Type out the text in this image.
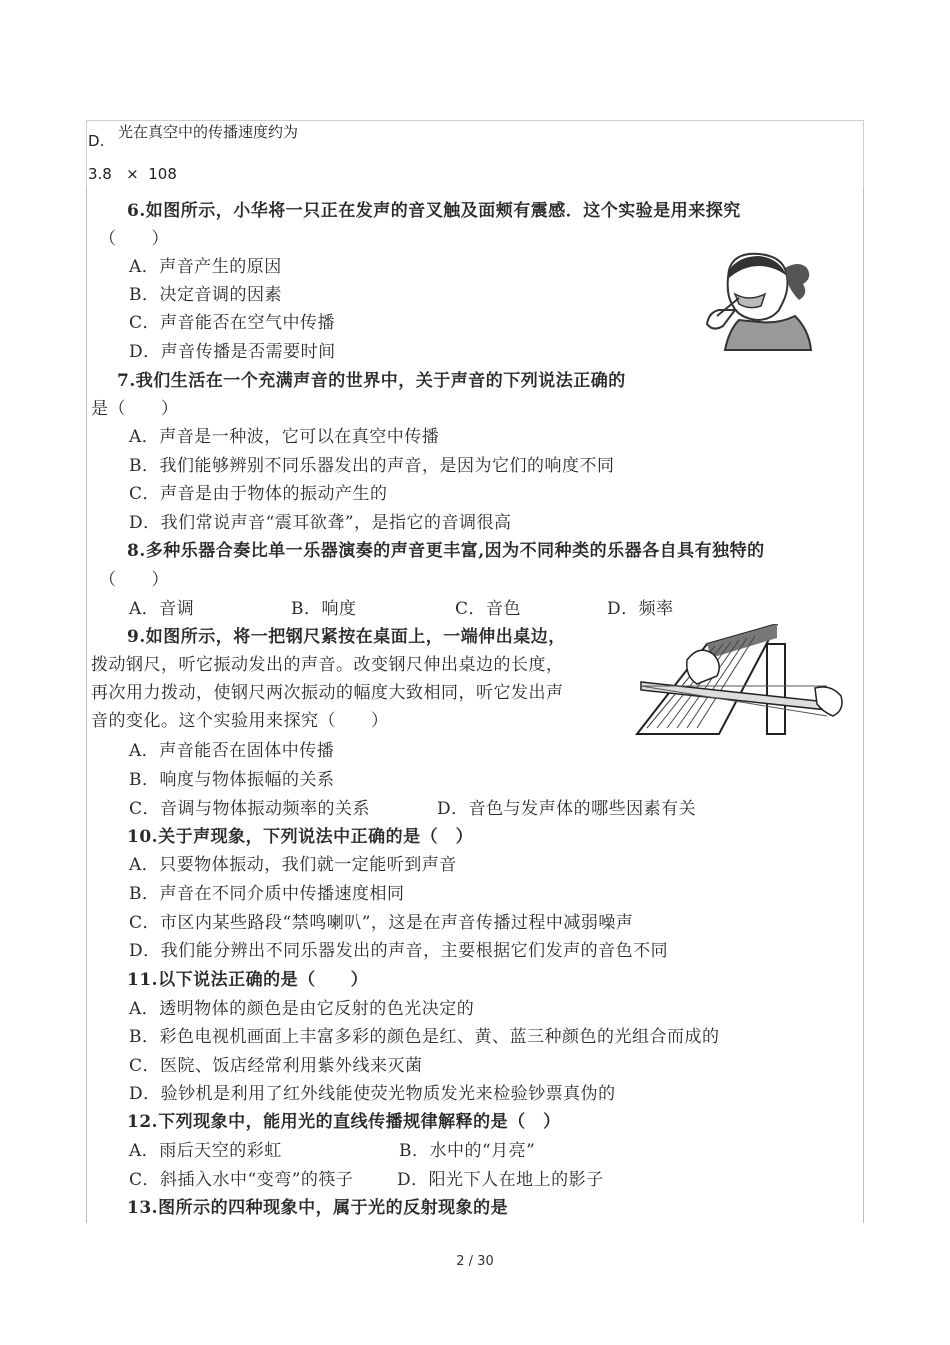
D. 光在真空中的传播速度约为
3.8   ×  108
6.如图所示，小华将一只正在发声的音叉触及面颊有震感．这个实验是用来探究
（　　）
A．声音产生的原因
B．决定音调的因素
C．声音能否在空气中传播
D．声音传播是否需要时间
7.我们生活在一个充满声音的世界中，关于声音的下列说法正确的
是（　　）
A．声音是一种波，它可以在真空中传播
B．我们能够辨别不同乐器发出的声音，是因为它们的响度不同
C．声音是由于物体的振动产生的
D．我们常说声音“震耳欲聋”，是指它的音调很高
8.多种乐器合奏比单一乐器演奏的声音更丰富,因为不同种类的乐器各自具有独特的
（　　）
A．音调	B．响度	C．音色	D．频率
9.如图所示，将一把钢尺紧按在桌面上，一端伸出桌边，
拨动钢尺，听它振动发出的声音。改变钢尺伸出桌边的长度，
再次用力拨动，使钢尺两次振动的幅度大致相同，听它发出声
音的变化。这个实验用来探究（　　）
A．声音能否在固体中传播
B．响度与物体振幅的关系
C．音调与物体振动频率的关系	D．音色与发声体的哪些因素有关
10.关于声现象，下列说法中正确的是（　）
A．只要物体振动，我们就一定能听到声音
B．声音在不同介质中传播速度相同
C．市区内某些路段“禁鸣喇叭”，这是在声音传播过程中减弱噪声
D．我们能分辨出不同乐器发出的声音，主要根据它们发声的音色不同
11.以下说法正确的是（　　）
A．透明物体的颜色是由它反射的色光决定的
B．彩色电视机画面上丰富多彩的颜色是红、黄、蓝三种颜色的光组合而成的
C．医院、饭店经常利用紫外线来灭菌
D．验钞机是利用了红外线能使荧光物质发光来检验钞票真伪的
12.下列现象中，能用光的直线传播规律解释的是（　）
A．雨后天空的彩虹	B．水中的“月亮”
C．斜插入水中“变弯”的筷子	D．阳光下人在地上的影子
13.图所示的四种现象中，属于光的反射现象的是
2 / 30
